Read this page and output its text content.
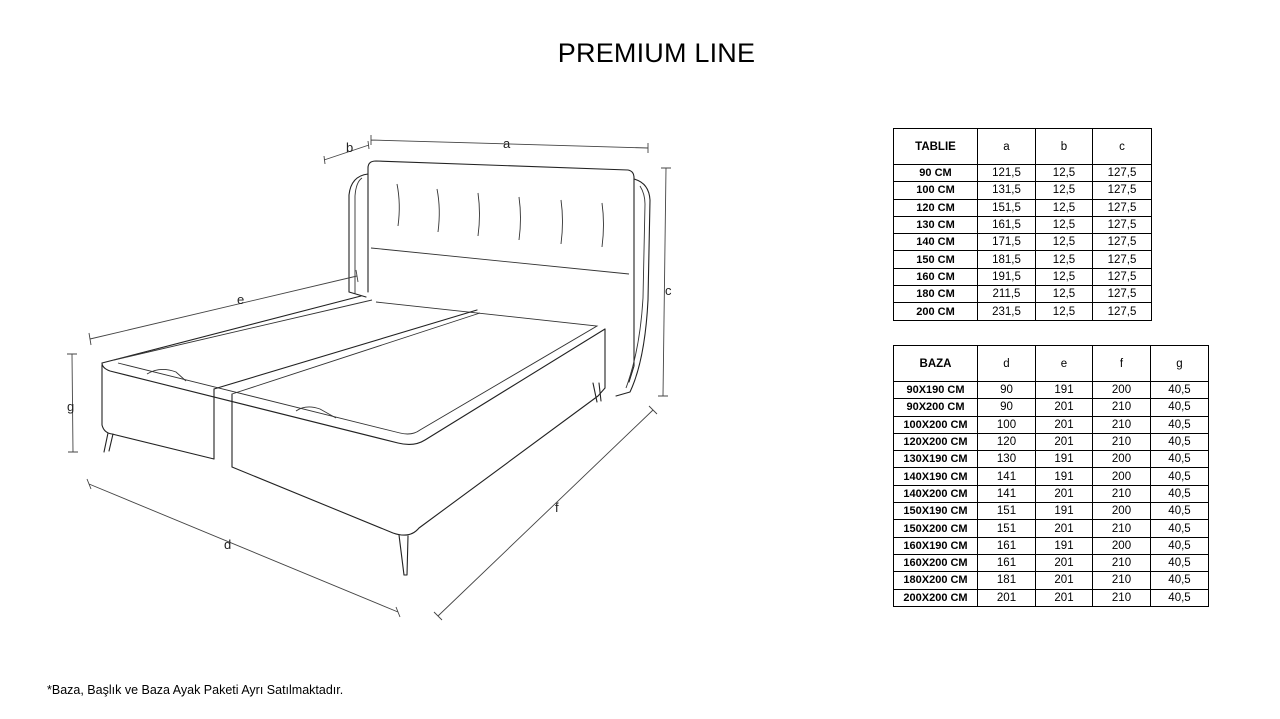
PREMIUM LINE
a
b
c
d
e
f
g
TABLIE	a	b	c
90 CM	121,5	12,5	127,5
100 CM	131,5	12,5	127,5
120 CM	151,5	12,5	127,5
130 CM	161,5	12,5	127,5
140 CM	171,5	12,5	127,5
150 CM	181,5	12,5	127,5
160 CM	191,5	12,5	127,5
180 CM	211,5	12,5	127,5
200 CM	231,5	12,5	127,5
BAZA	d	e	f	g
90X190 CM	90	191	200	40,5
90X200 CM	90	201	210	40,5
100X200 CM	100	201	210	40,5
120X200 CM	120	201	210	40,5
130X190 CM	130	191	200	40,5
140X190 CM	141	191	200	40,5
140X200 CM	141	201	210	40,5
150X190 CM	151	191	200	40,5
150X200 CM	151	201	210	40,5
160X190 CM	161	191	200	40,5
160X200 CM	161	201	210	40,5
180X200 CM	181	201	210	40,5
200X200 CM	201	201	210	40,5
*Baza, Başlık ve Baza Ayak Paketi Ayrı Satılmaktadır.
